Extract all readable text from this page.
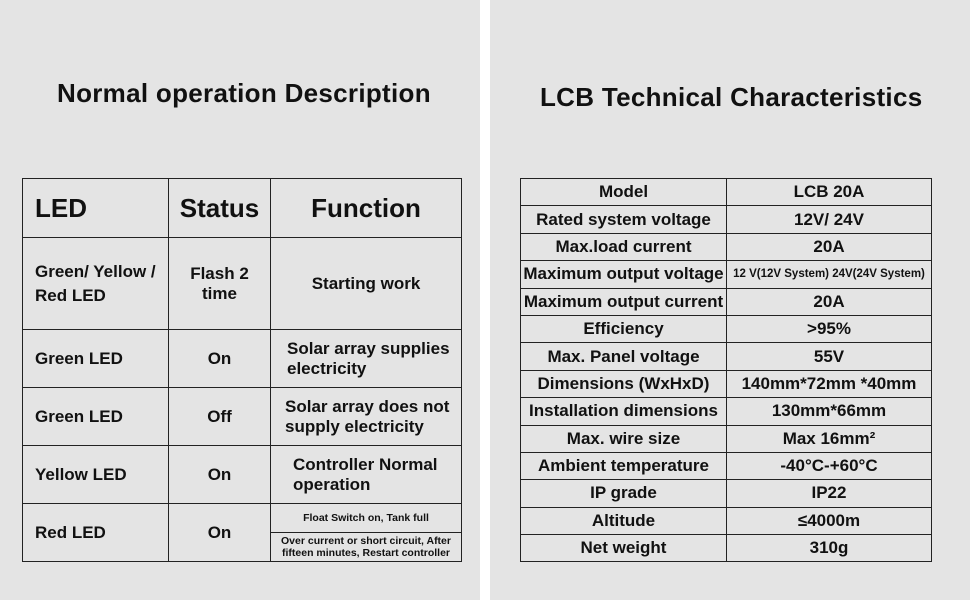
Normal operation Description	LCB Technical Characteristics
LED	Status	Function
Green/ Yellow / Red LED	Flash 2 time	Starting work
Green LED	On	Solar array supplies electricity
Green LED	Off	Solar array does not supply electricity
Yellow LED	On	Controller Normal operation
Red LED	On	Float Switch on, Tank full
		Over current or short circuit, After fifteen minutes, Restart controller
Model	LCB 20A
Rated system voltage	12V/ 24V
Max.load current	20A
Maximum output voltage	12 V(12V System) 24V(24V System)
Maximum output current	20A
Efficiency	>95%
Max. Panel voltage	55V
Dimensions (WxHxD)	140mm*72mm *40mm
Installation dimensions	130mm*66mm
Max. wire size	Max 16mm²
Ambient temperature	-40°C-+60°C
IP grade	IP22
Altitude	≤4000m
Net weight	310g
